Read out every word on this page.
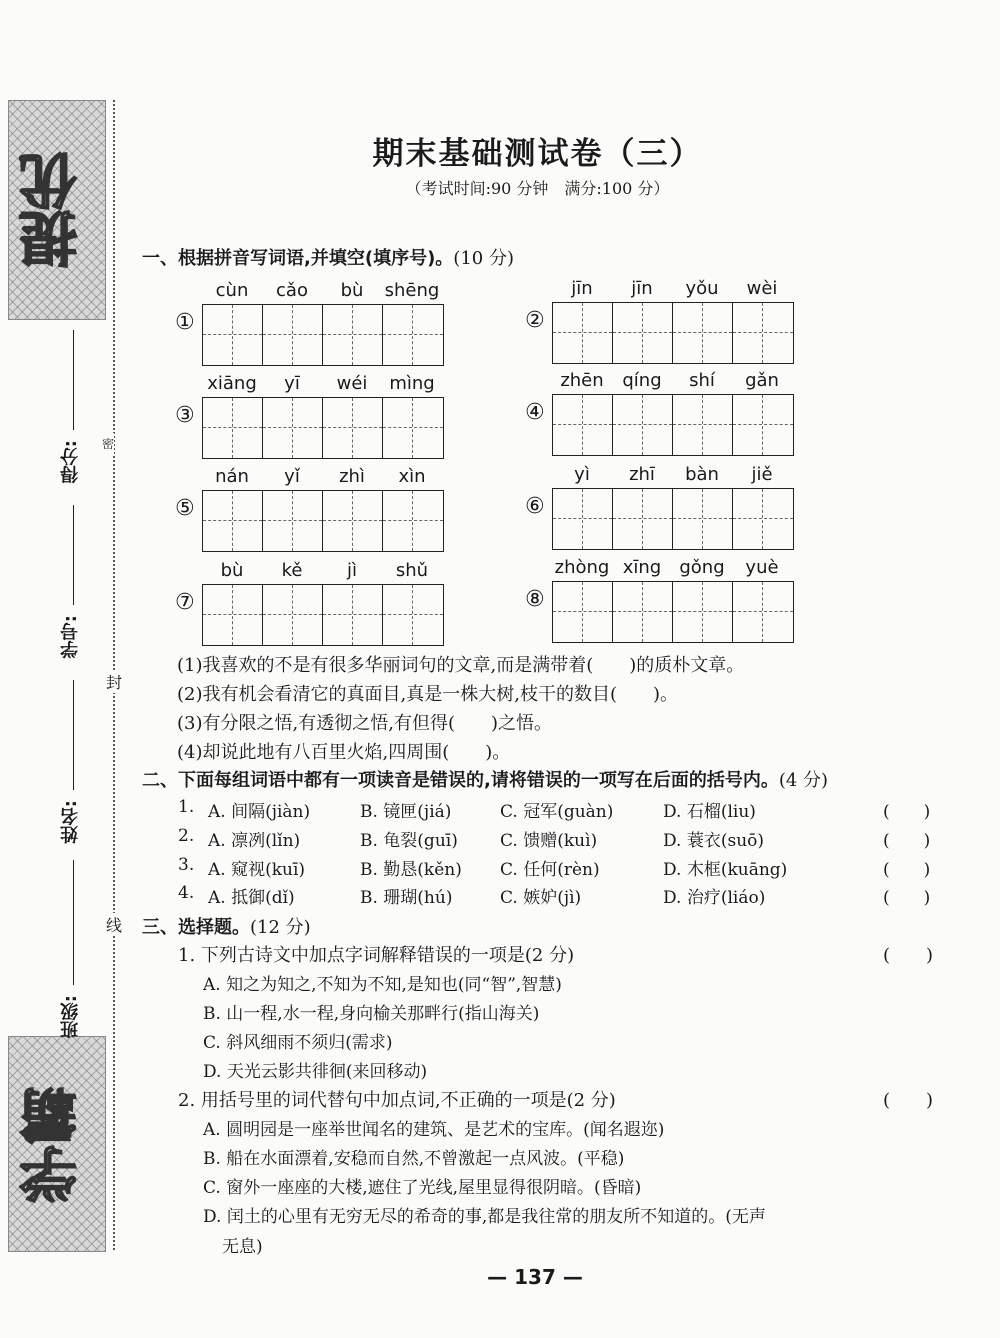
提优
学霸
得分:
学号:
姓名:
班级:
密
封
线
期末基础测试卷（三）
（考试时间:90 分钟　满分:100 分）
一、根据拼音写词语,并填空(填序号)。(10 分)
①
cùn	cǎo	bù	shēng
②
jīn	jīn	yǒu	wèi
③
xiāng	yī	wéi	mìng
④
zhēn	qíng	shí	gǎn
⑤
nán	yǐ	zhì	xìn
⑥
yì	zhī	bàn	jiě
⑦
bù	kě	jì	shǔ
⑧
zhòng xīng	gǒng	yuè
(1)我喜欢的不是有很多华丽词句的文章,而是满带着(　　)的质朴文章。
(2)我有机会看清它的真面目,真是一株大树,枝干的数目(　　)。
(3)有分限之悟,有透彻之悟,有但得(　　)之悟。
(4)却说此地有八百里火焰,四周围(　　)。
二、下面每组词语中都有一项读音是错误的,请将错误的一项写在后面的括号内。(4 分)
1. A. 间隔(jiàn)	B. 镜匣(jiá)	C. 冠军(guàn)	D. 石榴(liu)	(　　)
2. A. 凛冽(lǐn)	B. 龟裂(guī) C. 馈赠(kuì)	D. 蓑衣(suō)	(　　)
3. A. 窥视(kuī)	B. 勤恳(kěn) C. 任何(rèn)	D. 木框(kuāng)	(　　)
4. A. 抵御(dǐ)	B. 珊瑚(hú)	C. 嫉妒(jì)	D. 治疗(liáo)	(　　)
三、选择题。(12 分)
1. 下列古诗文中加点字词解释错误的一项是(2 分)	(　　)
A. 知之为知之,不知为不知,是知也(同“智”,智慧)
B. 山一程,水一程,身向榆关那畔行(指山海关)
C. 斜风细雨不须归(需求)
D. 天光云影共徘徊(来回移动)
2. 用括号里的词代替句中加点词,不正确的一项是(2 分)	(　　)
A. 圆明园是一座举世闻名的建筑、是艺术的宝库。(闻名遐迩)
B. 船在水面漂着,安稳而自然,不曾激起一点风波。(平稳)
C. 窗外一座座的大楼,遮住了光线,屋里显得很阴暗。(昏暗)
D. 闰土的心里有无穷无尽的希奇的事,都是我往常的朋友所不知道的。(无声
无息)
— 137 —
